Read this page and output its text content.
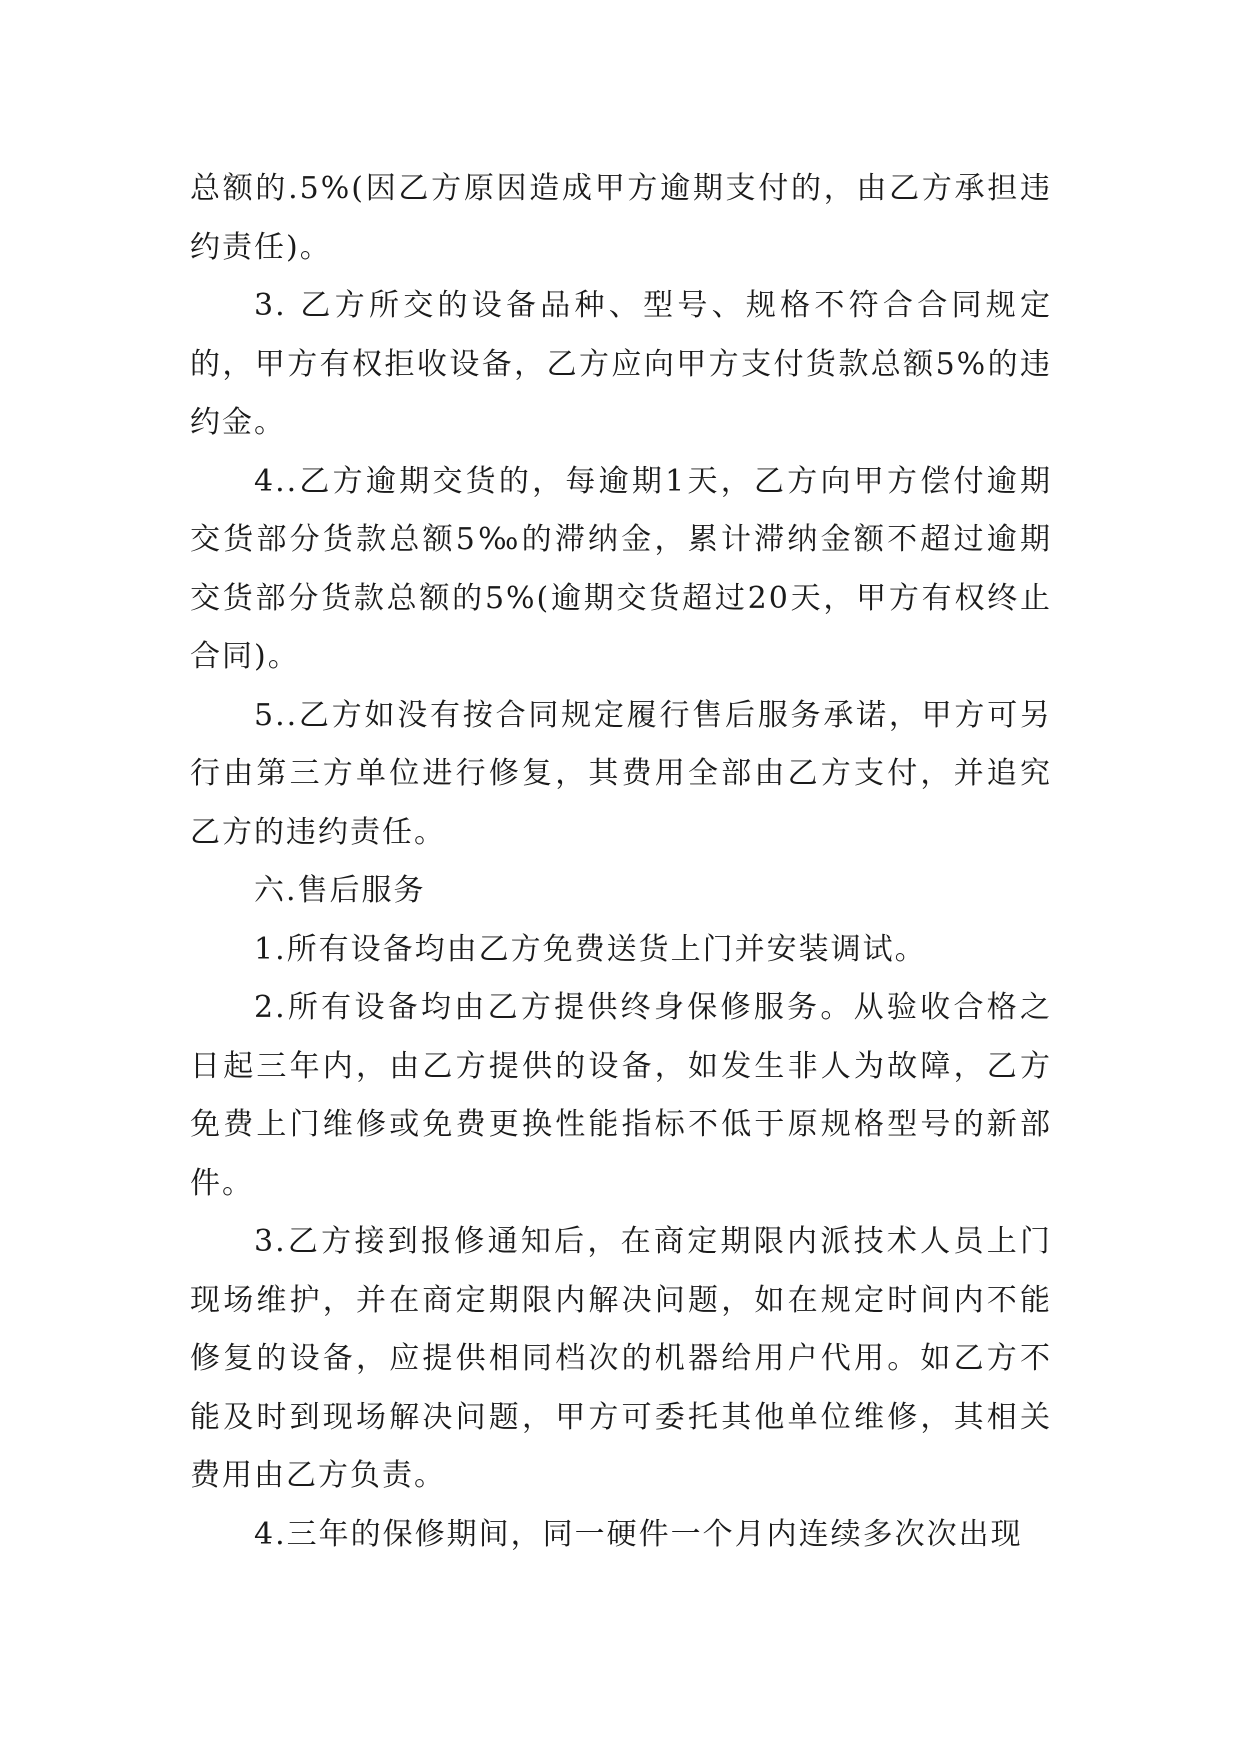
总额的.5%(因乙方原因造成甲方逾期支付的，由乙方承担违约责任)。

3. 乙方所交的设备品种、型号、规格不符合合同规定的，甲方有权拒收设备，乙方应向甲方支付货款总额5%的违约金。

4..乙方逾期交货的，每逾期1天，乙方向甲方偿付逾期交货部分货款总额5‰的滞纳金，累计滞纳金额不超过逾期交货部分货款总额的5%(逾期交货超过20天，甲方有权终止合同)。

5..乙方如没有按合同规定履行售后服务承诺，甲方可另行由第三方单位进行修复，其费用全部由乙方支付，并追究乙方的违约责任。

六.售后服务

1.所有设备均由乙方免费送货上门并安装调试。

2.所有设备均由乙方提供终身保修服务。从验收合格之日起三年内，由乙方提供的设备，如发生非人为故障，乙方免费上门维修或免费更换性能指标不低于原规格型号的新部件。

3.乙方接到报修通知后，在商定期限内派技术人员上门现场维护，并在商定期限内解决问题，如在规定时间内不能修复的设备，应提供相同档次的机器给用户代用。如乙方不能及时到现场解决问题，甲方可委托其他单位维修，其相关费用由乙方负责。

4.三年的保修期间，同一硬件一个月内连续多次次出现
